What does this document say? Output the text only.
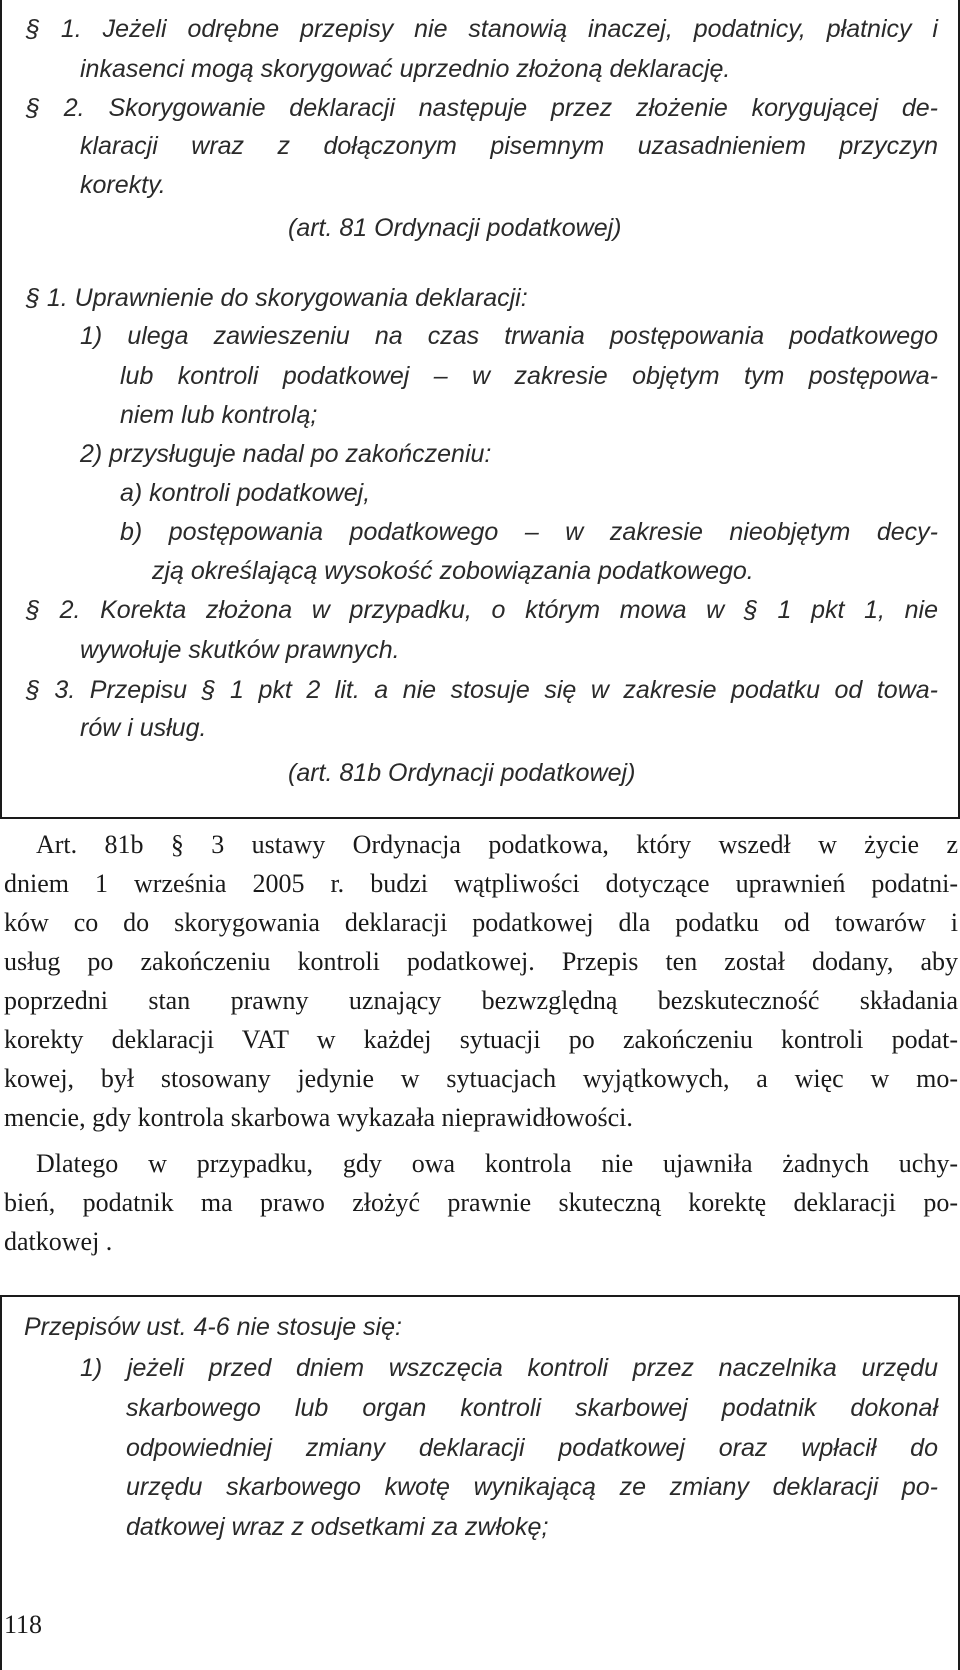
§ 1. Jeżeli odrębne przepisy nie stanowią inaczej, podatnicy, płatnicy i
inkasenci mogą skorygować uprzednio złożoną deklarację.
§ 2. Skorygowanie deklaracji następuje przez złożenie korygującej de-
klaracji wraz z dołączonym pisemnym uzasadnieniem przyczyn
korekty.
(art. 81 Ordynacji podatkowej)
§ 1. Uprawnienie do skorygowania deklaracji:
1) ulega zawieszeniu na czas trwania postępowania podatkowego
lub kontroli podatkowej – w zakresie objętym tym postępowa-
niem lub kontrolą;
2) przysługuje nadal po zakończeniu:
a) kontroli podatkowej,
b) postępowania podatkowego – w zakresie nieobjętym decy-
zją określającą wysokość zobowiązania podatkowego.
§ 2. Korekta złożona w przypadku, o którym mowa w § 1 pkt 1, nie
wywołuje skutków prawnych.
§ 3. Przepisu § 1 pkt 2 lit. a nie stosuje się w zakresie podatku od towa-
rów i usług.
(art. 81b Ordynacji podatkowej)
Art. 81b § 3 ustawy Ordynacja podatkowa, który wszedł w życie z
dniem 1 września 2005 r. budzi wątpliwości dotyczące uprawnień podatni-
ków co do skorygowania deklaracji podatkowej dla podatku od towarów i
usług po zakończeniu kontroli podatkowej. Przepis ten został dodany, aby
poprzedni stan prawny uznający bezwzględną bezskuteczność składania
korekty deklaracji VAT w każdej sytuacji po zakończeniu kontroli podat-
kowej, był stosowany jedynie w sytuacjach wyjątkowych, a więc w mo-
mencie, gdy kontrola skarbowa wykazała nieprawidłowości.
Dlatego w przypadku, gdy owa kontrola nie ujawniła żadnych uchy-
bień, podatnik ma prawo złożyć prawnie skuteczną korektę deklaracji po-
datkowej .
Przepisów ust. 4-6 nie stosuje się:
1) jeżeli przed dniem wszczęcia kontroli przez naczelnika urzędu
skarbowego lub organ kontroli skarbowej podatnik dokonał
odpowiedniej zmiany deklaracji podatkowej oraz wpłacił do
urzędu skarbowego kwotę wynikającą ze zmiany deklaracji po-
datkowej wraz z odsetkami za zwłokę;
118
